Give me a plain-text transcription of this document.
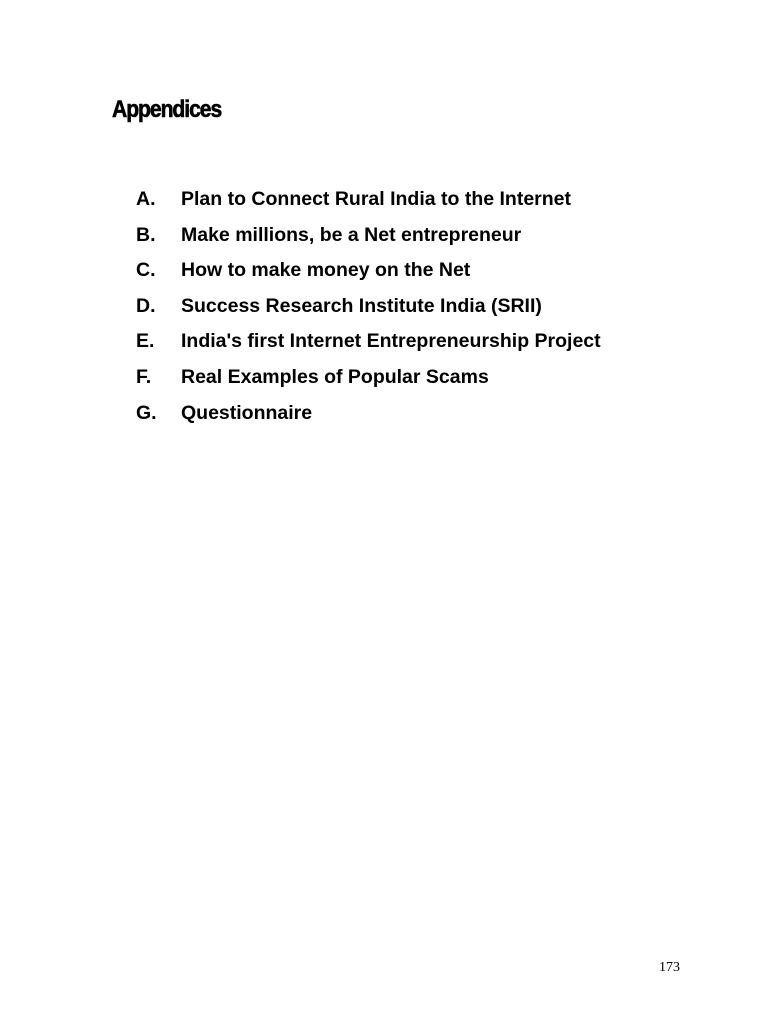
Appendices
A.	Plan to Connect Rural India to the Internet
B.	Make millions, be a Net entrepreneur
C.	How to make money on the Net
D.	Success Research Institute India (SRII)
E.	India's first Internet Entrepreneurship Project
F.	Real Examples of Popular Scams
G.	Questionnaire
173
